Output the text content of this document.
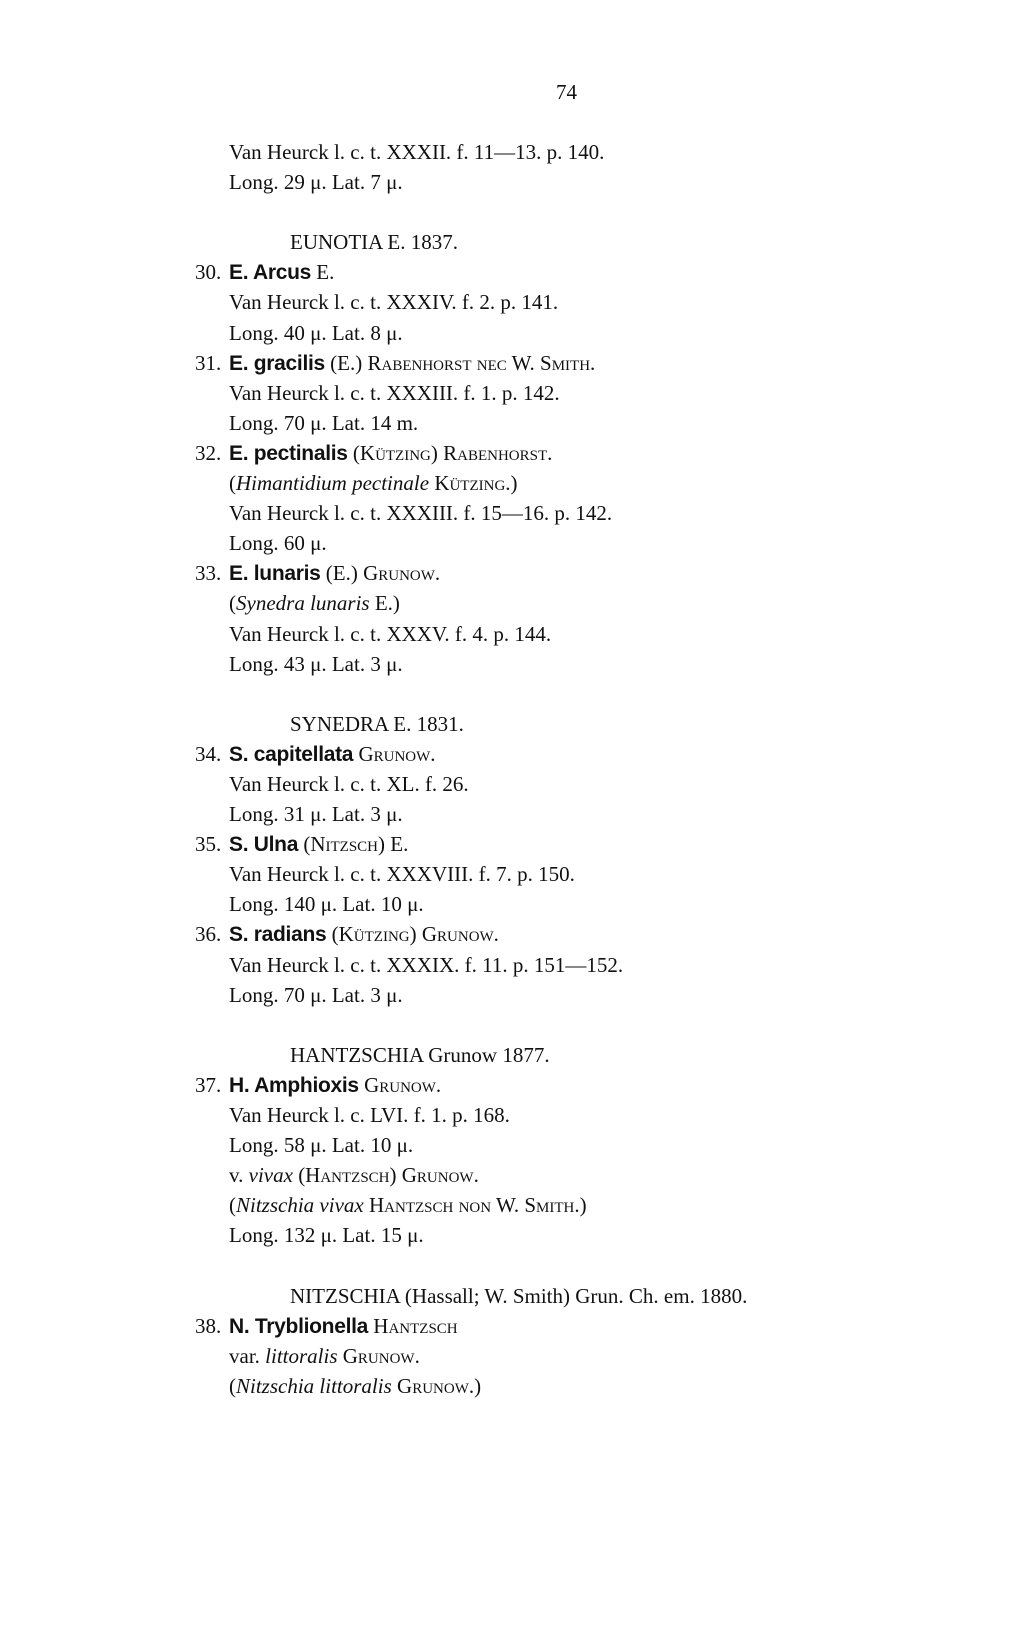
74
Van Heurck l. c. t. XXXII. f. 11—13. p. 140.
Long. 29 μ. Lat. 7 μ.
EUNOTIA E. 1837.
30. E. Arcus E.
Van Heurck l. c. t. XXXIV. f. 2. p. 141.
Long. 40 μ. Lat. 8 μ.
31. E. gracilis (E.) Rabenhorst nec W. Smith.
Van Heurck l. c. t. XXXIII. f. 1. p. 142.
Long. 70 μ. Lat. 14 m.
32. E. pectinalis (Kützing) Rabenhorst.
(Himantidium pectinale Kützing.)
Van Heurck l. c. t. XXXIII. f. 15—16. p. 142.
Long. 60 μ.
33. E. lunaris (E.) Grunow.
(Synedra lunaris E.)
Van Heurck l. c. t. XXXV. f. 4. p. 144.
Long. 43 μ. Lat. 3 μ.
SYNEDRA E. 1831.
34. S. capitellata Grunow.
Van Heurck l. c. t. XL. f. 26.
Long. 31 μ. Lat. 3 μ.
35. S. Ulna (Nitzsch) E.
Van Heurck l. c. t. XXXVIII. f. 7. p. 150.
Long. 140 μ. Lat. 10 μ.
36. S. radians (Kützing) Grunow.
Van Heurck l. c. t. XXXIX. f. 11. p. 151—152.
Long. 70 μ. Lat. 3 μ.
HANTZSCHIA Grunow 1877.
37. H. Amphioxis Grunow.
Van Heurck l. c. LVI. f. 1. p. 168.
Long. 58 μ. Lat. 10 μ.
v. vivax (Hantzsch) Grunow.
(Nitzschia vivax Hantzsch non W. Smith.)
Long. 132 μ. Lat. 15 μ.
NITZSCHIA (Hassall; W. Smith) Grun. Ch. em. 1880.
38. N. Tryblionella Hantzsch
var. littoralis Grunow.
(Nitzschia littoralis Grunow.)
